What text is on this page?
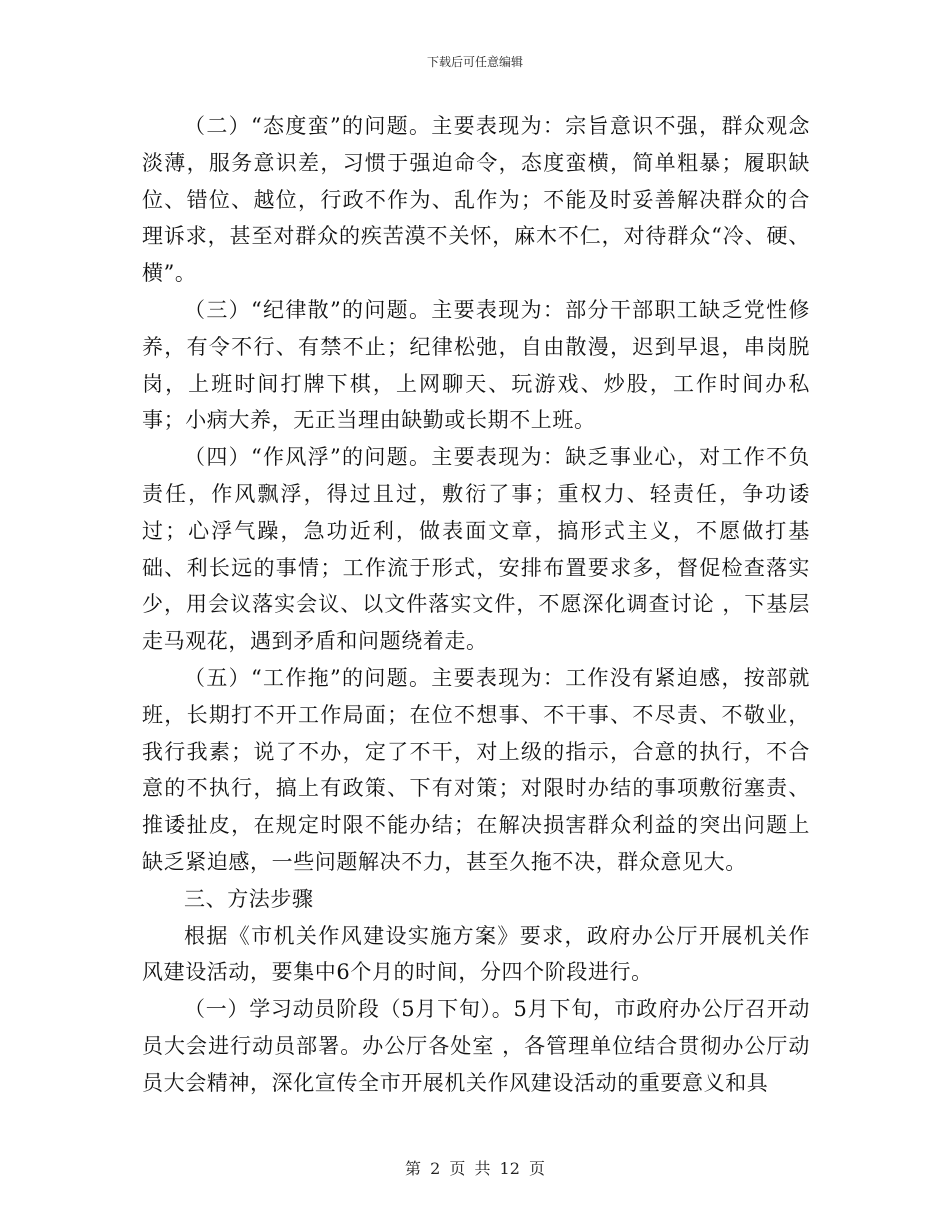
下载后可任意编辑

（二）“态度蛮”的问题。主要表现为：宗旨意识不强，群众观念淡薄，服务意识差，习惯于强迫命令，态度蛮横，简单粗暴；履职缺位、错位、越位，行政不作为、乱作为；不能及时妥善解决群众的合理诉求，甚至对群众的疾苦漠不关怀，麻木不仁，对待群众“冷、硬、横”。

（三）“纪律散”的问题。主要表现为：部分干部职工缺乏党性修养，有令不行、有禁不止；纪律松弛，自由散漫，迟到早退，串岗脱岗，上班时间打牌下棋，上网聊天、玩游戏、炒股，工作时间办私事；小病大养，无正当理由缺勤或长期不上班。

（四）“作风浮”的问题。主要表现为：缺乏事业心，对工作不负责任，作风飘浮，得过且过，敷衍了事；重权力、轻责任，争功诿过；心浮气躁，急功近利，做表面文章，搞形式主义，不愿做打基础、利长远的事情；工作流于形式，安排布置要求多，督促检查落实少，用会议落实会议、以文件落实文件，不愿深化调查讨论 ，下基层走马观花，遇到矛盾和问题绕着走。

（五）“工作拖”的问题。主要表现为：工作没有紧迫感，按部就班，长期打不开工作局面；在位不想事、不干事、不尽责、不敬业，我行我素；说了不办，定了不干，对上级的指示，合意的执行，不合意的不执行，搞上有政策、下有对策；对限时办结的事项敷衍塞责、推诿扯皮，在规定时限不能办结；在解决损害群众利益的突出问题上缺乏紧迫感，一些问题解决不力，甚至久拖不决，群众意见大。

三、方法步骤

根据《市机关作风建设实施方案》要求，政府办公厅开展机关作风建设活动，要集中6个月的时间，分四个阶段进行。

（一）学习动员阶段（5月下旬）。5月下旬，市政府办公厅召开动员大会进行动员部署。办公厅各处室 ，各管理单位结合贯彻办公厅动员大会精神，深化宣传全市开展机关作风建设活动的重要意义和具

第 2 页 共 12 页
